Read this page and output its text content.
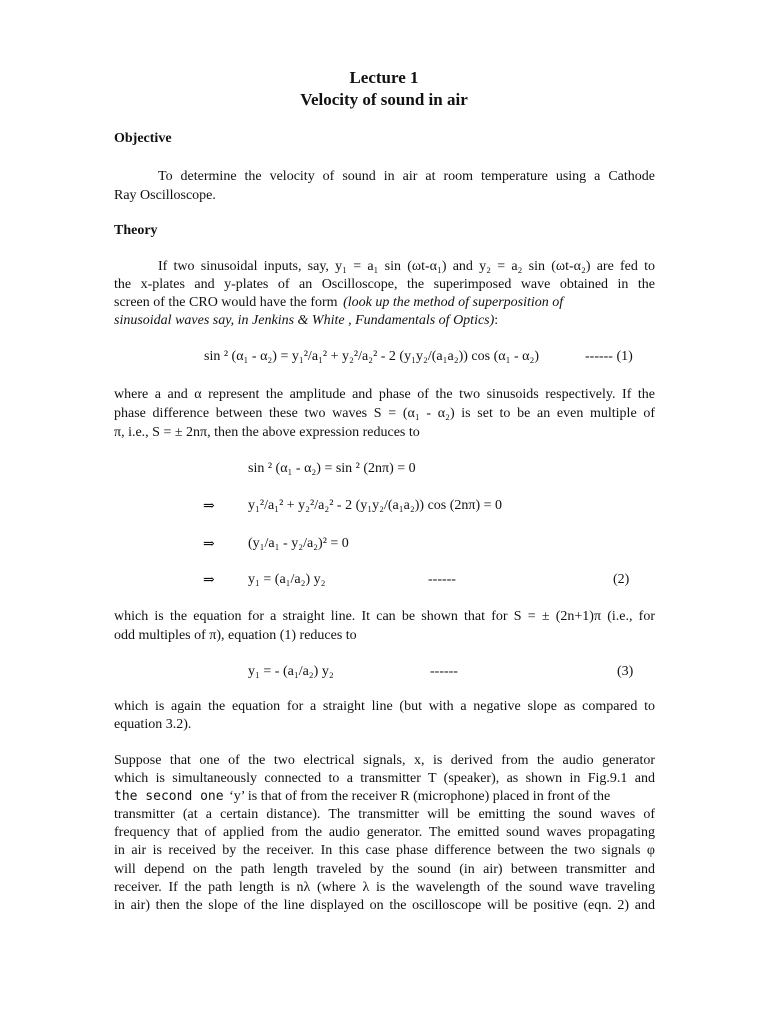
Lecture 1
Velocity of sound in air
Objective
To determine the velocity of sound in air at room temperature using a Cathode
Ray Oscilloscope.
Theory
If two sinusoidal inputs, say, y₁ = a₁ sin (ωt-α₁) and y₂ = a₂ sin (ωt-α₂) are fed to
the x-plates and y-plates of an Oscilloscope, the superimposed wave obtained in the
screen of the CRO would have the form (look up the method of superposition of
sinusoidal waves say, in Jenkins & White , Fundamentals of Optics):
sin ² (α₁ - α₂) = y₁²/a₁² + y₂²/a₂² - 2 (y₁y₂/(a₁a₂)) cos (α₁ - α₂)	------ (1)
where a and α represent the amplitude and phase of the two sinusoids respectively. If the
phase difference between these two waves S = (α₁ - α₂) is set to be an even multiple of
π, i.e., S = ± 2nπ, then the above expression reduces to
sin ² (α₁ - α₂) = sin ² (2nπ) = 0
⇒ y₁²/a₁² + y₂²/a₂² - 2 (y₁y₂/(a₁a₂)) cos (2nπ) = 0
⇒ (y₁/a₁ - y₂/a₂)² = 0
⇒ y₁ = (a₁/a₂) y₂	------	(2)
which is the equation for a straight line. It can be shown that for S = ± (2n+1)π (i.e., for
odd multiples of π), equation (1) reduces to
y₁ = - (a₁/a₂) y₂	------	(3)
which is again the equation for a straight line (but with a negative slope as compared to
equation 3.2).
Suppose that one of the two electrical signals, x, is derived from the audio generator
which is simultaneously connected to a transmitter T (speaker), as shown in Fig.9.1 and
the second one ‘y’ is that of from the receiver R (microphone) placed in front of the
transmitter (at a certain distance). The transmitter will be emitting the sound waves of
frequency that of applied from the audio generator. The emitted sound waves propagating
in air is received by the receiver. In this case phase difference between the two signals φ
will depend on the path length traveled by the sound (in air) between transmitter and
receiver. If the path length is nλ (where λ is the wavelength of the sound wave traveling
in air) then the slope of the line displayed on the oscilloscope will be positive (eqn. 2) and
